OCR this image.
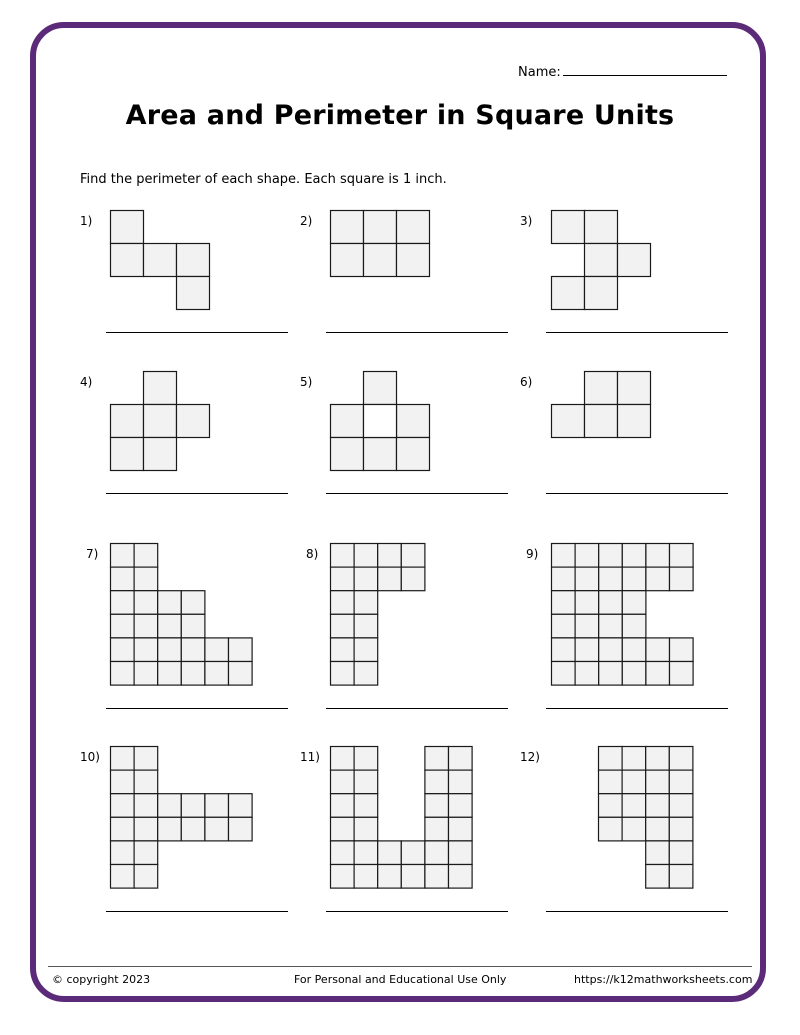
Name:
Area and Perimeter in Square Units
Find the perimeter of each shape. Each square is 1 inch.
1)	2)	3)
4)	5)	6)
7)	8)	9)
10)	11)	12)
© copyright 2023	For Personal and Educational Use Only	https://k12mathworksheets.com
